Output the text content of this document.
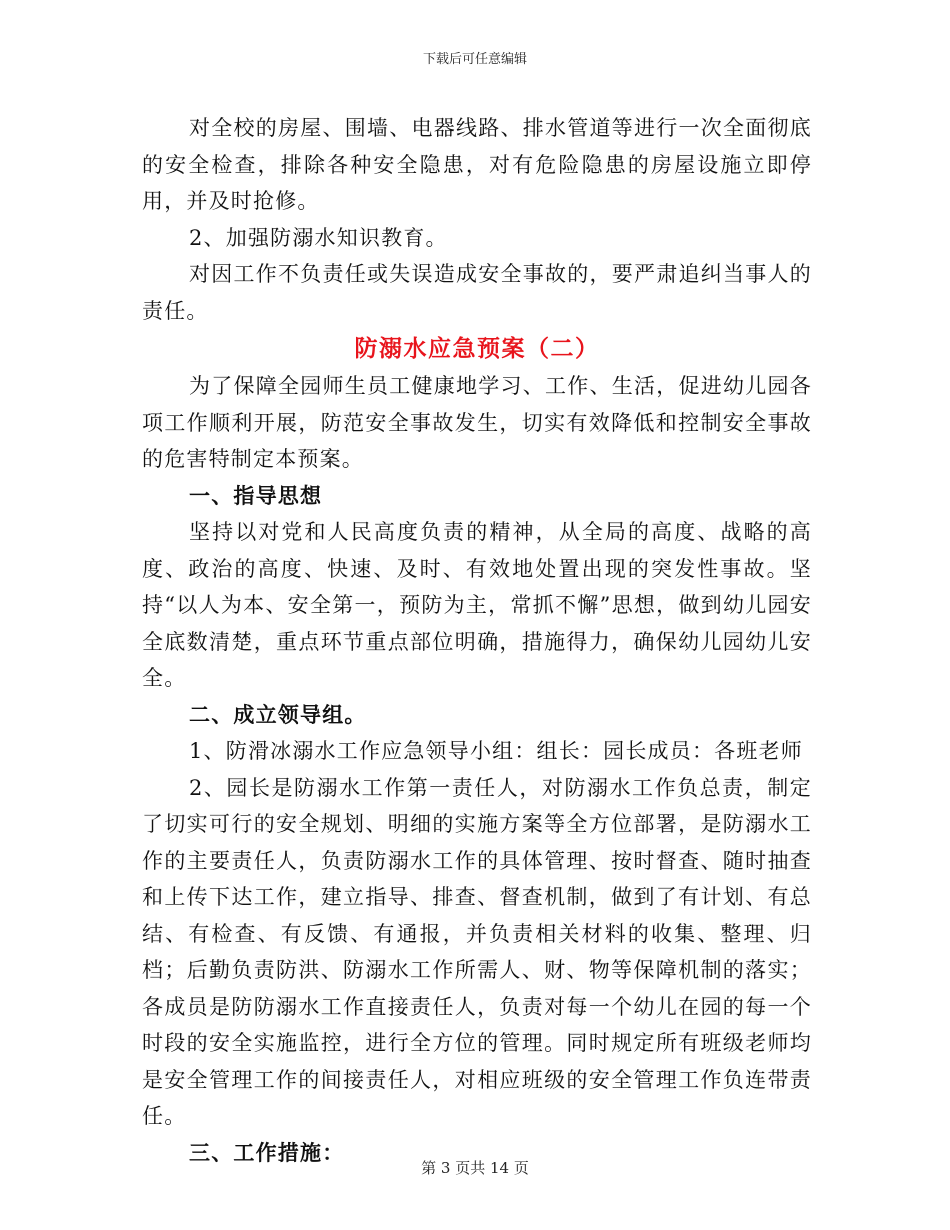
下载后可任意编辑

对全校的房屋、围墙、电器线路、排水管道等进行一次全面彻底的安全检查，排除各种安全隐患，对有危险隐患的房屋设施立即停用，并及时抢修。

2、加强防溺水知识教育。

对因工作不负责任或失误造成安全事故的，要严肃追纠当事人的责任。

防溺水应急预案（二）

为了保障全园师生员工健康地学习、工作、生活，促进幼儿园各项工作顺利开展，防范安全事故发生，切实有效降低和控制安全事故的危害特制定本预案。

一、指导思想

坚持以对党和人民高度负责的精神，从全局的高度、战略的高度、政治的高度、快速、及时、有效地处置出现的突发性事故。坚持“以人为本、安全第一，预防为主，常抓不懈”思想，做到幼儿园安全底数清楚，重点环节重点部位明确，措施得力，确保幼儿园幼儿安全。

二、成立领导组。

1、防滑冰溺水工作应急领导小组：组长：园长成员：各班老师

2、园长是防溺水工作第一责任人，对防溺水工作负总责，制定了切实可行的安全规划、明细的实施方案等全方位部署，是防溺水工作的主要责任人，负责防溺水工作的具体管理、按时督查、随时抽查和上传下达工作，建立指导、排查、督查机制，做到了有计划、有总结、有检查、有反馈、有通报，并负责相关材料的收集、整理、归档；后勤负责防洪、防溺水工作所需人、财、物等保障机制的落实；各成员是防防溺水工作直接责任人，负责对每一个幼儿在园的每一个时段的安全实施监控，进行全方位的管理。同时规定所有班级老师均是安全管理工作的间接责任人，对相应班级的安全管理工作负连带责任。

三、工作措施：

第 3 页共 14 页
